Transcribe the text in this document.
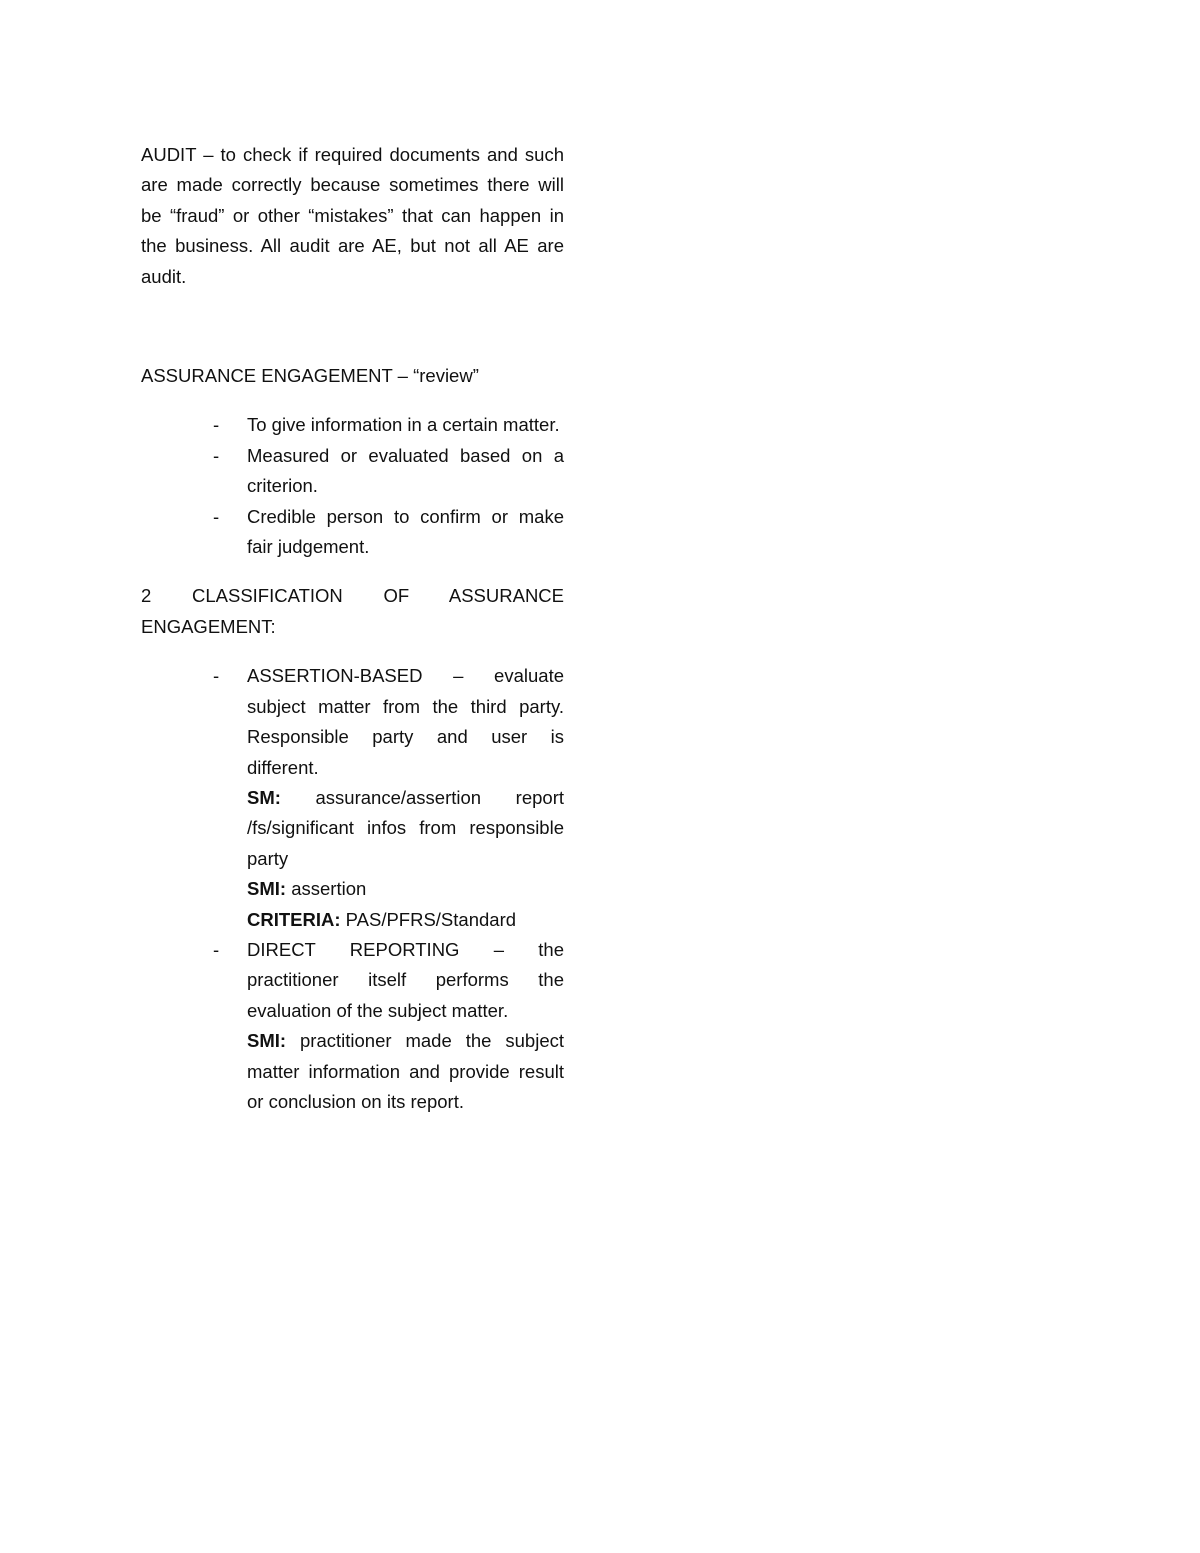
AUDIT – to check if required documents and such are made correctly because sometimes there will be “fraud” or other “mistakes” that can happen in the business. All audit are AE, but not all AE are audit.

ASSURANCE ENGAGEMENT – “review”

- To give information in a certain matter.
- Measured or evaluated based on a criterion.
- Credible person to confirm or make fair judgement.

2 CLASSIFICATION OF ASSURANCE ENGAGEMENT:

- ASSERTION-BASED – evaluate subject matter from the third party. Responsible party and user is different.

SM: assurance/assertion report /fs/significant infos from responsible party

SMI: assertion

CRITERIA: PAS/PFRS/Standard

- DIRECT REPORTING – the practitioner itself performs the evaluation of the subject matter.

SMI: practitioner made the subject matter information and provide result or conclusion on its report.
